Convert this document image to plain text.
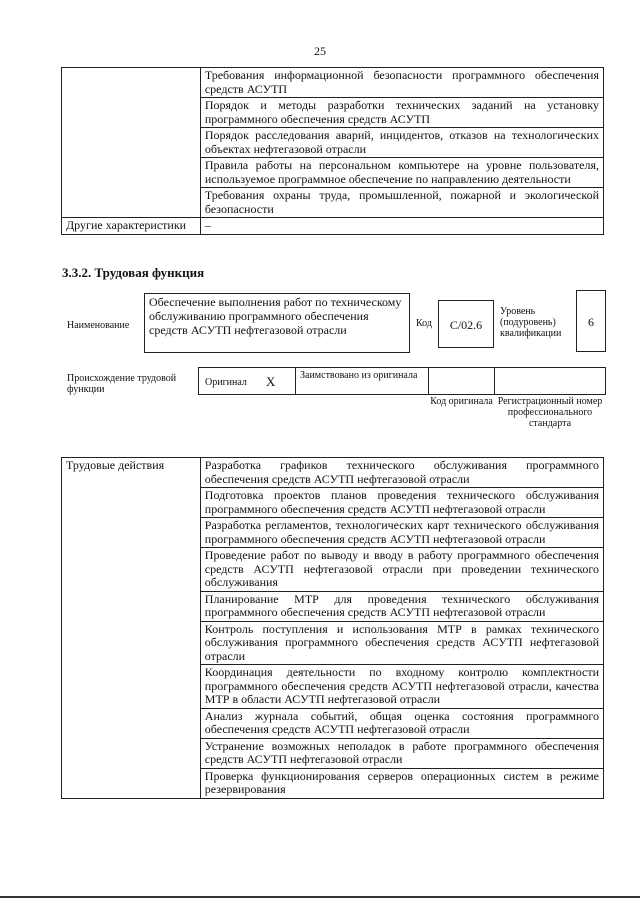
25
	Требования информационной безопасности программного обеспечения средств АСУТП
	Порядок и методы разработки технических заданий на установку программного обеспечения средств АСУТП
	Порядок расследования аварий, инцидентов, отказов на технологических объектах нефтегазовой отрасли
	Правила работы на персональном компьютере на уровне пользователя, используемое программное обеспечение по направлению деятельности
	Требования охраны труда, промышленной, пожарной и экологической безопасности
Другие характеристики	–
3.3.2. Трудовая функция
Наименование
Обеспечение выполнения работ по техническому обслуживанию программного обеспечения средств АСУТП нефтегазовой отрасли	Код	C/02.6
Уровень (подуровень) квалификации
6
Происхождение трудовой функции
Оригинал X Заимствовано из оригинала
Код оригинала Регистрационный номер профессионального стандарта
Трудовые действия	Разработка графиков технического обслуживания программного обеспечения средств АСУТП нефтегазовой отрасли
Подготовка проектов планов проведения технического обслуживания программного обеспечения средств АСУТП нефтегазовой отрасли
Разработка регламентов, технологических карт технического обслуживания программного обеспечения средств АСУТП нефтегазовой отрасли
Проведение работ по выводу и вводу в работу программного обеспечения средств АСУТП нефтегазовой отрасли при проведении технического обслуживания
Планирование МТР для проведения технического обслуживания программного обеспечения средств АСУТП нефтегазовой отрасли
Контроль поступления и использования МТР в рамках технического обслуживания программного обеспечения средств АСУТП нефтегазовой отрасли
Координация деятельности по входному контролю комплектности программного обеспечения средств АСУТП нефтегазовой отрасли, качества МТР в области АСУТП нефтегазовой отрасли
Анализ журнала событий, общая оценка состояния программного обеспечения средств АСУТП нефтегазовой отрасли
Устранение возможных неполадок в работе программного обеспечения средств АСУТП нефтегазовой отрасли
Проверка функционирования серверов операционных систем в режиме резервирования
